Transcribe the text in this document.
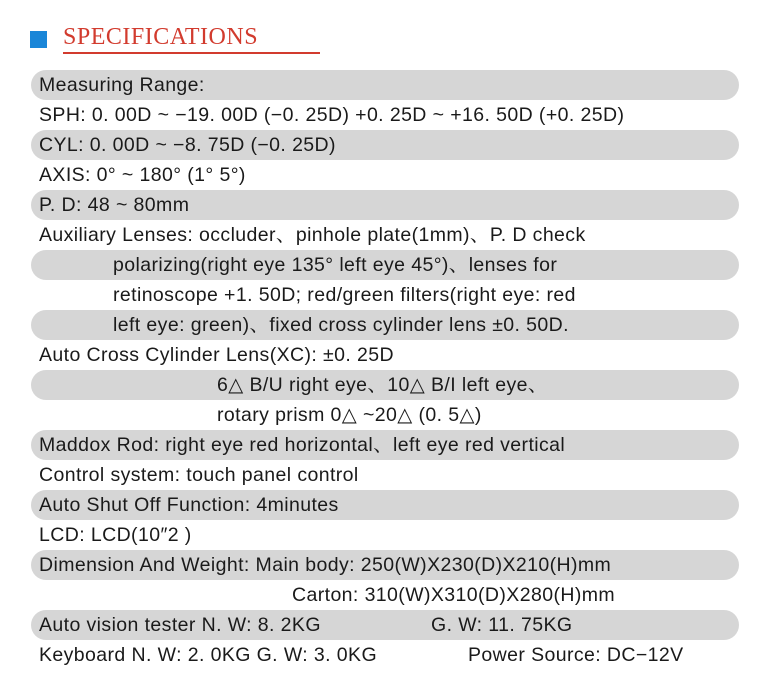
SPECIFICATIONS
Measuring Range:
SPH: 0. 00D ~ −19. 00D (−0. 25D) +0. 25D ~ +16. 50D (+0. 25D)
CYL: 0. 00D ~ −8. 75D (−0. 25D)
AXIS: 0° ~ 180° (1° 5°)
P. D: 48 ~ 80mm
Auxiliary Lenses: occluder、pinhole plate(1mm)、P. D check
polarizing(right eye 135° left eye 45°)、lenses for
retinoscope +1. 50D; red/green filters(right eye: red
left eye: green)、fixed cross cylinder lens ±0. 50D.
Auto Cross Cylinder Lens(XC): ±0. 25D
6△ B/U right eye、10△ B/I left eye、
rotary prism 0△ ~20△ (0. 5△)
Maddox Rod: right eye red horizontal、left eye red vertical
Control system: touch panel control
Auto Shut Off Function: 4minutes
LCD: LCD(10″2 )
Dimension And Weight: Main body: 250(W)X230(D)X210(H)mm
Carton: 310(W)X310(D)X280(H)mm
Auto vision tester N. W: 8. 2KG	G. W: 11. 75KG
Keyboard N. W: 2. 0KG G. W: 3. 0KG	Power Source: DC−12V
